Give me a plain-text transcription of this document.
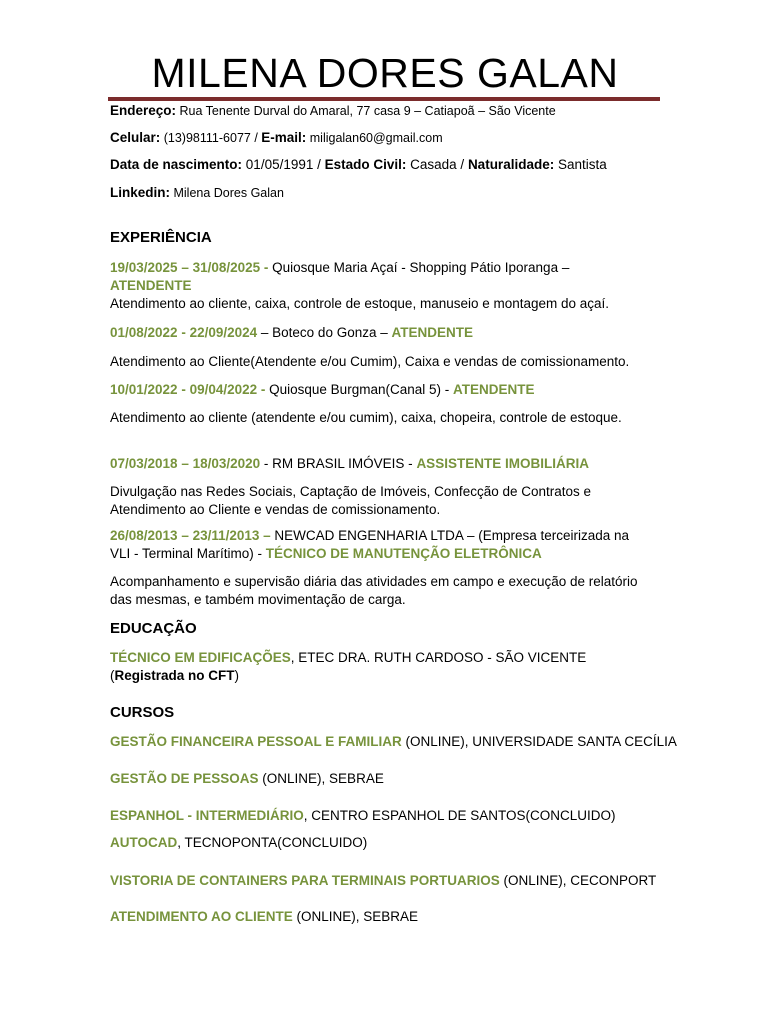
MILENA DORES GALAN
Endereço: Rua Tenente Durval do Amaral, 77 casa 9 – Catiapoã – São Vicente
Celular: (13)98111-6077 / E-mail: miligalan60@gmail.com
Data de nascimento: 01/05/1991 / Estado Civil: Casada / Naturalidade: Santista
Linkedin: Milena Dores Galan
EXPERIÊNCIA
19/03/2025 – 31/08/2025 - Quiosque Maria Açaí - Shopping Pátio Iporanga –
ATENDENTE
Atendimento ao cliente, caixa, controle de estoque, manuseio e montagem do açaí.
01/08/2022 - 22/09/2024 – Boteco do Gonza – ATENDENTE
Atendimento ao Cliente(Atendente e/ou Cumim), Caixa e vendas de comissionamento.
10/01/2022 - 09/04/2022 - Quiosque Burgman(Canal 5) - ATENDENTE
Atendimento ao cliente (atendente e/ou cumim), caixa, chopeira, controle de estoque.
07/03/2018 – 18/03/2020 - RM BRASIL IMÓVEIS - ASSISTENTE IMOBILIÁRIA
Divulgação nas Redes Sociais, Captação de Imóveis, Confecção de Contratos e Atendimento ao Cliente e vendas de comissionamento.
26/08/2013 – 23/11/2013 – NEWCAD ENGENHARIA LTDA – (Empresa terceirizada na
VLI - Terminal Marítimo) - TÉCNICO DE MANUTENÇÃO ELETRÔNICA
Acompanhamento e supervisão diária das atividades em campo e execução de relatório das mesmas, e também movimentação de carga.
EDUCAÇÃO
TÉCNICO EM EDIFICAÇÕES, ETEC DRA. RUTH CARDOSO - SÃO VICENTE (Registrada no CFT)
CURSOS
GESTÃO FINANCEIRA PESSOAL E FAMILIAR (ONLINE), UNIVERSIDADE SANTA CECÍLIA
GESTÃO DE PESSOAS (ONLINE), SEBRAE
ESPANHOL - INTERMEDIÁRIO, CENTRO ESPANHOL DE SANTOS(CONCLUIDO)
AUTOCAD, TECNOPONTA(CONCLUIDO)
VISTORIA DE CONTAINERS PARA TERMINAIS PORTUARIOS (ONLINE), CECONPORT
ATENDIMENTO AO CLIENTE (ONLINE), SEBRAE
